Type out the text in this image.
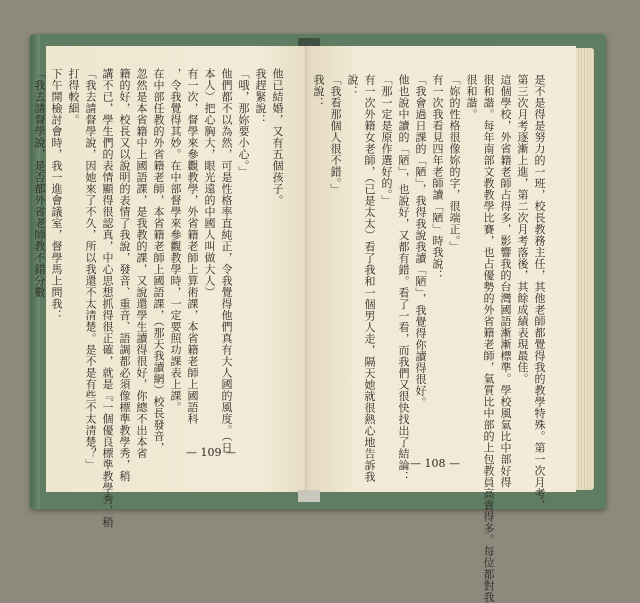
他已結婚，又有五個孩子。
我趕緊說：
「哦，那妳要小心。」
他們都不以為然，可是性格率直純正，令我覺得他們真有大人國的風度。（日
本人）把心胸大，眼光遠的中國人叫做大人）
有一次，督學來參觀教學，外省籍老師上算術課，本省籍老師上國語科
，令我覺得其妙。在中部督學來參觀教學時，一定要照功課表上課。
在中部任教的外省籍老師，本省籍老師上國語課，（那天我讀網）校長發音，
忽然是本省籍中上國語課，是我教的課，又說還學生讀得很好，你總不出本省
籍的好，校長又以說明的表情了我說，發音、重音、語調都必須像標準教學秀，稍
講不已，學生們的表情顯得很認真，中心思想抓得很正確，就是『一個優良標準教學秀，稍
「我去請督學說，因她來了不久，所以我還不太清楚。是不是有些不太清楚？」
打得較細。
下午開檢討會時，我一進會議室，督學馬上問我：
「我去請督學說，是否都外省老師教不錯分數
— 109 —	是不是得是努力的一班，校長教務主任，其他老師都覺得我的教學特殊。第一次月考，
第三次月考逐漸上進，第二次月考落後，其餘成績表現最佳。
這個學校，外省籍老師占得多，影響我的台灣國語漸漸標準。學校風氣比中部好得
很和諧。每年南部文教教學比賽，也占優勢的外省籍老師，氣質比中部的上包教員高貴得多。每位都對我
很和諧。
「妳的性格很像妳的字，很端正。」
有一次我看見四年老師讀「陋」時我說：
「我會過日課的「陋」，我得我說我讀「陋」，我覺得你讀得很好。
他也說中讀的「陋」，也說好，又都有錯。看了一看，而我們又很快找出了結論：
「那一定是原作選好的。」
有一次外籍女老師，（已是太太）看了我和一個男人走，隔天她就很熱心地告訴我
說：
「我看那個人很不錯。」
我說：
— 108 —
